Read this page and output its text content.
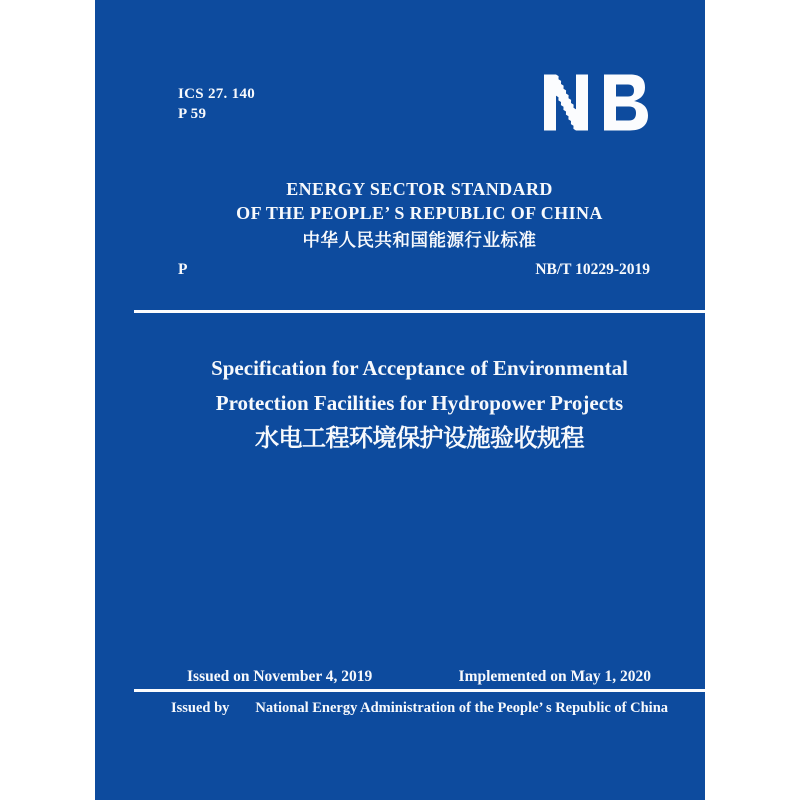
ICS 27. 140
P 59
ENERGY SECTOR STANDARD
OF THE PEOPLE’ S REPUBLIC OF CHINA
中华人民共和国能源行业标准
P	NB/T 10229-2019
Specification for Acceptance of Environmental
Protection Facilities for Hydropower Projects
水电工程环境保护设施验收规程
Issued on November 4, 2019	Implemented on May 1, 2020
Issued by National Energy Administration of the People’ s Republic of China
